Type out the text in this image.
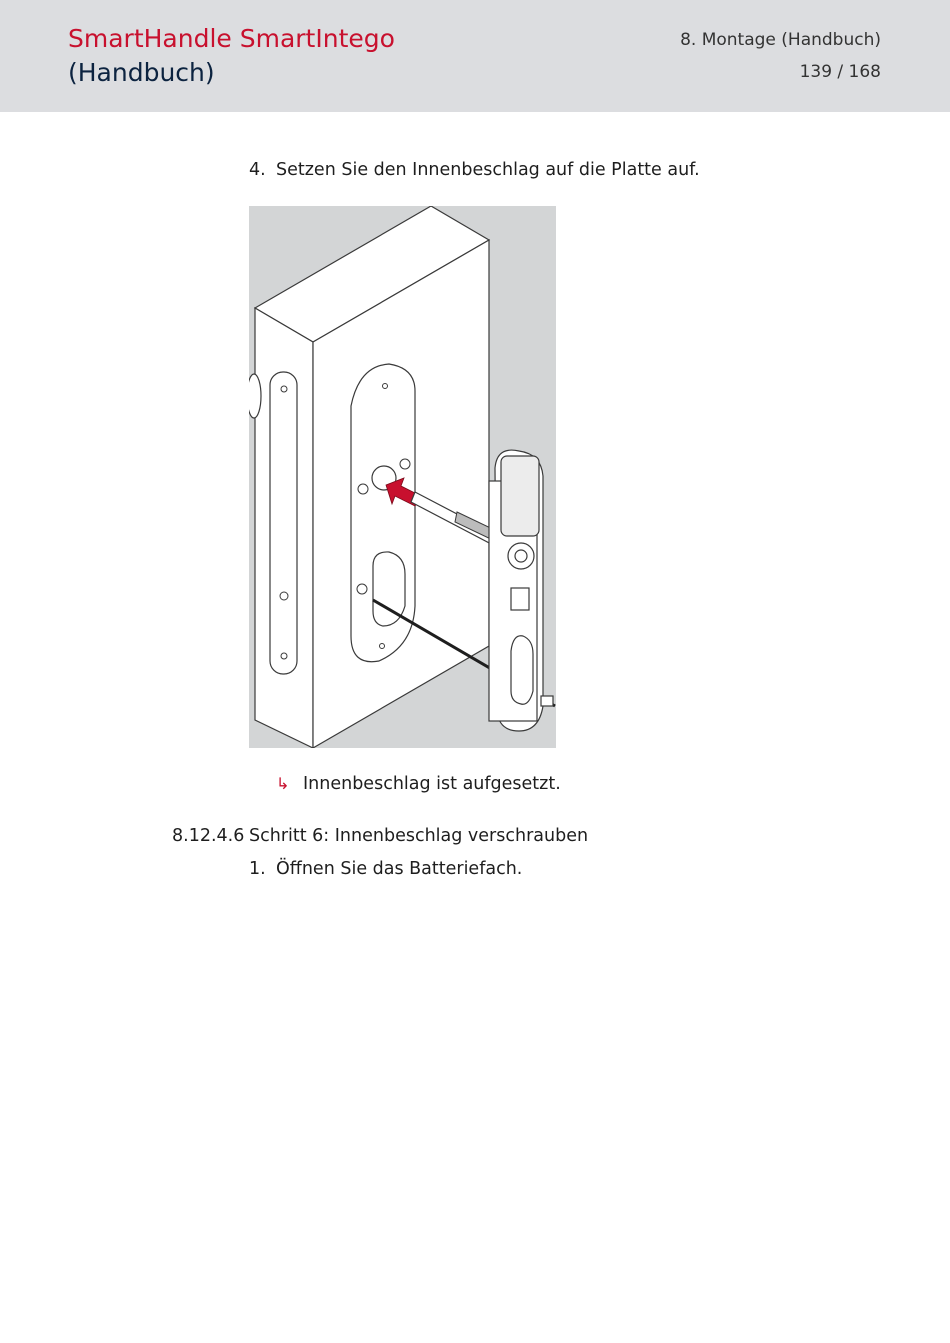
SmartHandle SmartIntego
(Handbuch)
8. Montage (Handbuch)
139 / 168
4. Setzen Sie den Innenbeschlag auf die Platte auf.
↳ Innenbeschlag ist aufgesetzt.
8.12.4.6 Schritt 6: Innenbeschlag verschrauben
1. Öffnen Sie das Batteriefach.
